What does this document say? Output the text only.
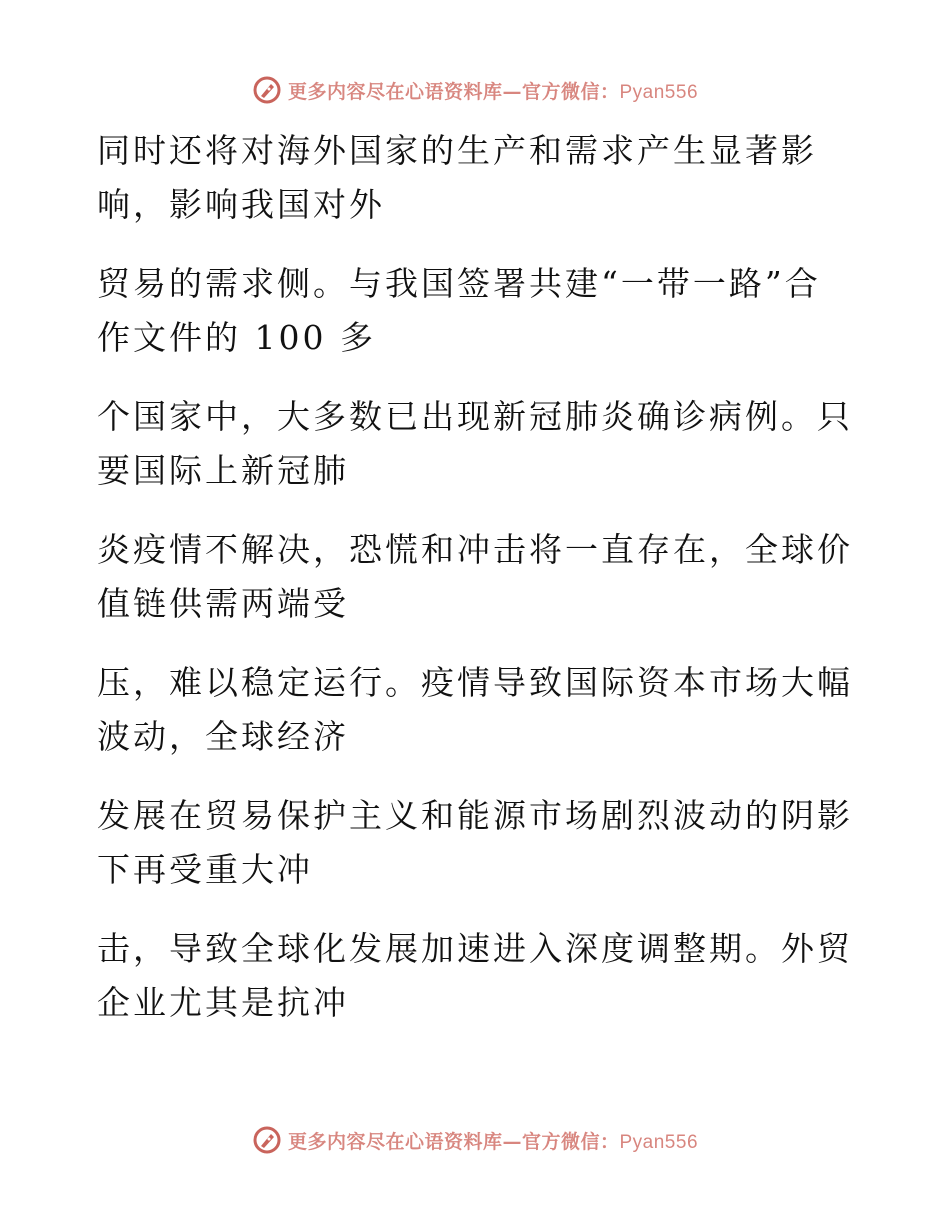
更多内容尽在心语资料库—官方微信：Pyan556

同时还将对海外国家的生产和需求产生显著影
响，影响我国对外

贸易的需求侧。与我国签署共建“一带一路”合
作文件的 100 多

个国家中，大多数已出现新冠肺炎确诊病例。只
要国际上新冠肺

炎疫情不解决，恐慌和冲击将一直存在，全球价
值链供需两端受

压，难以稳定运行。疫情导致国际资本市场大幅
波动，全球经济

发展在贸易保护主义和能源市场剧烈波动的阴影
下再受重大冲

击，导致全球化发展加速进入深度调整期。外贸
企业尤其是抗冲

更多内容尽在心语资料库—官方微信：Pyan556
